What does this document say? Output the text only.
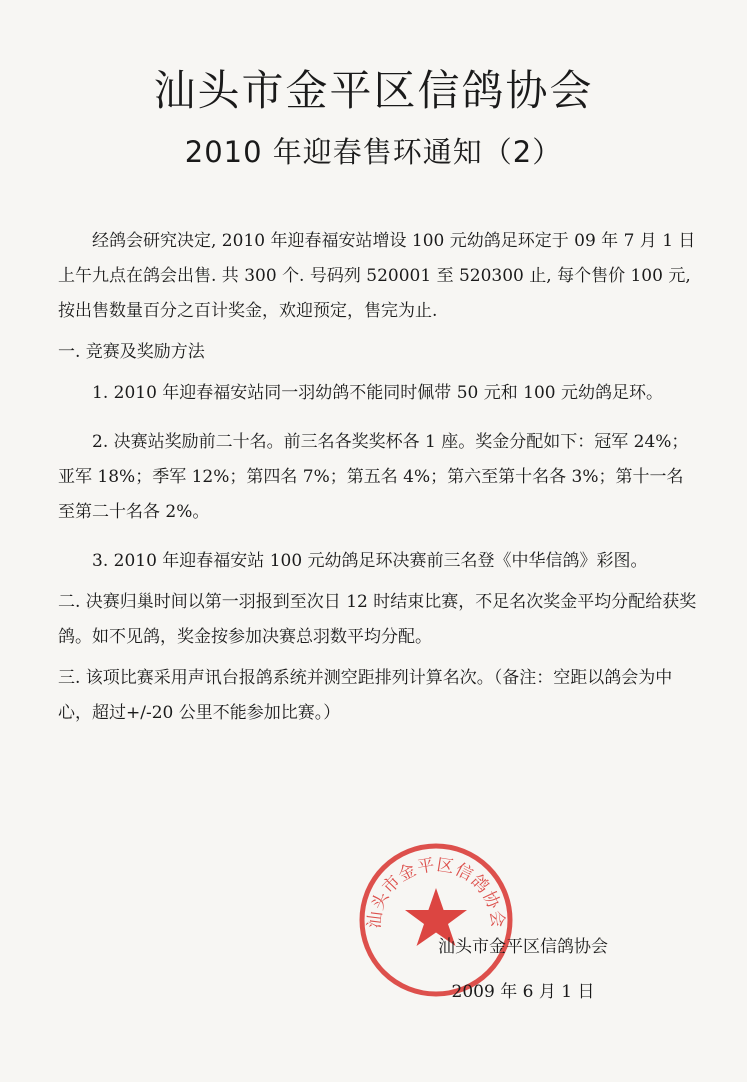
汕头市金平区信鸽协会
2010 年迎春售环通知（2）

经鸽会研究决定, 2010 年迎春福安站增设 100 元幼鸽足环定于 09 年 7 月 1 日上午九点在鸽会出售. 共 300 个. 号码列 520001 至 520300 止, 每个售价 100 元, 按出售数量百分之百计奖金，欢迎预定，售完为止.

一. 竞赛及奖励方法

1. 2010 年迎春福安站同一羽幼鸽不能同时佩带 50 元和 100 元幼鸽足环。

2. 决赛站奖励前二十名。前三名各奖奖杯各 1 座。奖金分配如下：冠军 24%；亚军 18%；季军 12%；第四名 7%；第五名 4%；第六至第十名各 3%；第十一名至第二十名各 2%。

3. 2010 年迎春福安站 100 元幼鸽足环决赛前三名登《中华信鸽》彩图。

二. 决赛归巢时间以第一羽报到至次日 12 时结束比赛，不足名次奖金平均分配给获奖鸽。如不见鸽，奖金按参加决赛总羽数平均分配。

三. 该项比赛采用声讯台报鸽系统并测空距排列计算名次。（备注：空距以鸽会为中心，超过+/-20 公里不能参加比赛。）

汕头市金平区信鸽协会
汕头市金平区信鸽协会
2009 年 6 月 1 日
